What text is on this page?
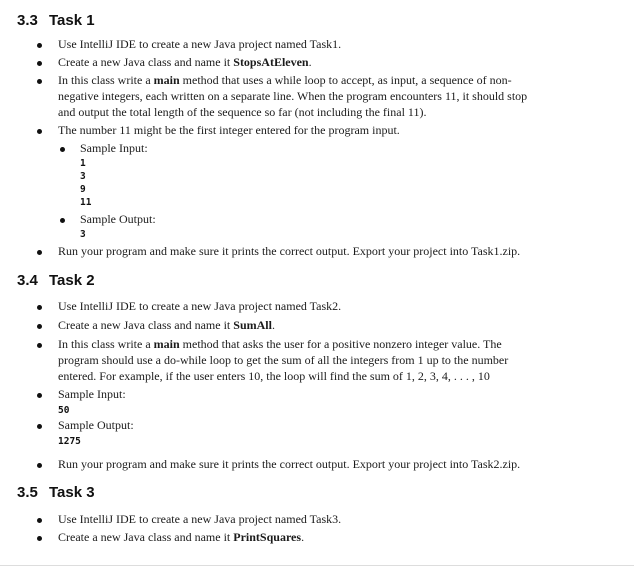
3.3 Task 1
Use IntelliJ IDE to create a new Java project named Task1.
Create a new Java class and name it StopsAtEleven.
In this class write a main method that uses a while loop to accept, as input, a sequence of non-
negative integers, each written on a separate line. When the program encounters 11, it should stop
and output the total length of the sequence so far (not including the final 11).
The number 11 might be the first integer entered for the program input.
Sample Input:
1
3
9
11
Sample Output:
3
Run your program and make sure it prints the correct output. Export your project into Task1.zip.
3.4 Task 2
Use IntelliJ IDE to create a new Java project named Task2.
Create a new Java class and name it SumAll.
In this class write a main method that asks the user for a positive nonzero integer value. The
program should use a do-while loop to get the sum of all the integers from 1 up to the number
entered. For example, if the user enters 10, the loop will find the sum of 1, 2, 3, 4, . . . , 10
Sample Input:
50
Sample Output:
1275
Run your program and make sure it prints the correct output. Export your project into Task2.zip.
3.5 Task 3
Use IntelliJ IDE to create a new Java project named Task3.
Create a new Java class and name it PrintSquares.
